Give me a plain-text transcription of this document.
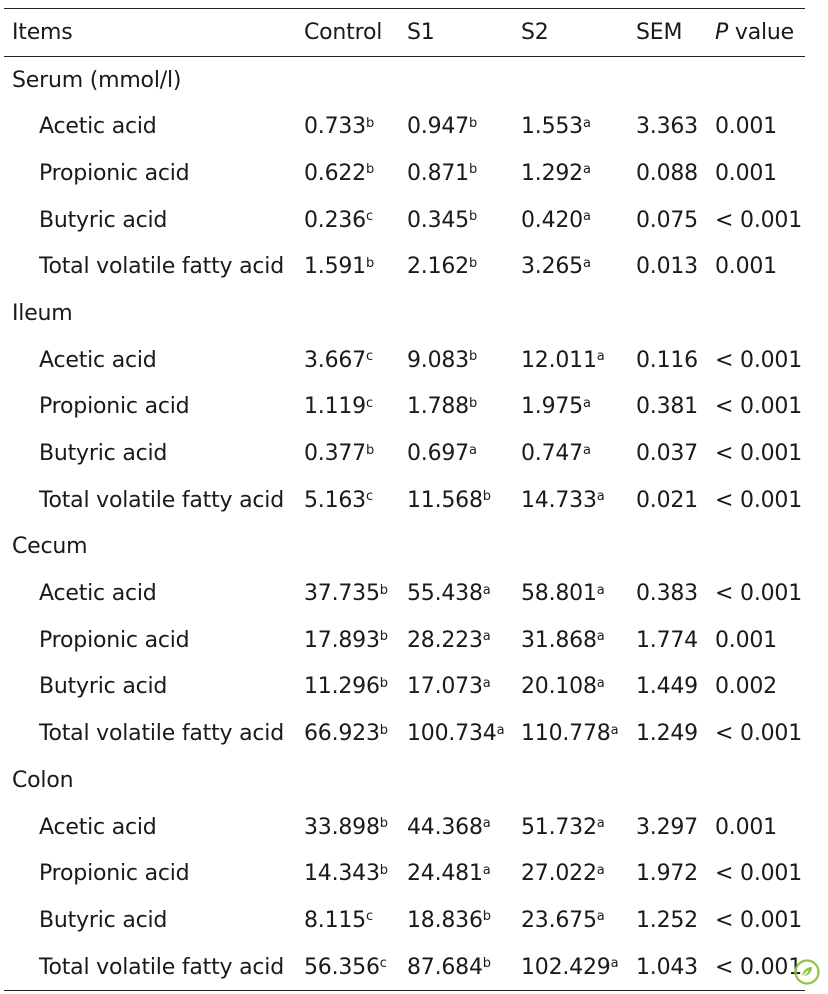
Items	Control S1	S2	SEM P value
Serum (mmol/l)
Acetic acid	0.733$^b$ 0.947$^b$ 1.553$^a$ 3.363 0.001
Propionic acid	0.622$^b$ 0.871$^b$ 1.292$^a$ 0.088 0.001
Butyric acid	0.236$^c$ 0.345$^b$ 0.420$^a$ 0.075 < 0.001
Total volatile fatty acid 1.591$^b$ 2.162$^b$ 3.265$^a$ 0.013 0.001
Ileum
Acetic acid	3.667$^c$ 9.083$^b$ 12.011$^a$ 0.116 < 0.001
Propionic acid	1.119$^c$ 1.788$^b$ 1.975$^a$ 0.381 < 0.001
Butyric acid	0.377$^b$ 0.697$^a$ 0.747$^a$ 0.037 < 0.001
Total volatile fatty acid 5.163$^c$ 11.568$^b$ 14.733$^a$ 0.021 < 0.001
Cecum
Acetic acid	37.735$^b$ 55.438$^a$ 58.801$^a$ 0.383 < 0.001
Propionic acid	17.893$^b$ 28.223$^a$ 31.868$^a$ 1.774 0.001
Butyric acid	11.296$^b$ 17.073$^a$ 20.108$^a$ 1.449 0.002
Total volatile fatty acid 66.923$^b$ 100.734$^a$ 110.778$^a$ 1.249 < 0.001
Colon
Acetic acid	33.898$^b$ 44.368$^a$ 51.732$^a$ 3.297 0.001
Propionic acid	14.343$^b$ 24.481$^a$ 27.022$^a$ 1.972 < 0.001
Butyric acid	8.115$^c$ 18.836$^b$ 23.675$^a$ 1.252 < 0.001
Total volatile fatty acid 56.356$^c$ 87.684$^b$ 102.429$^a$ 1.043 < 0.001
